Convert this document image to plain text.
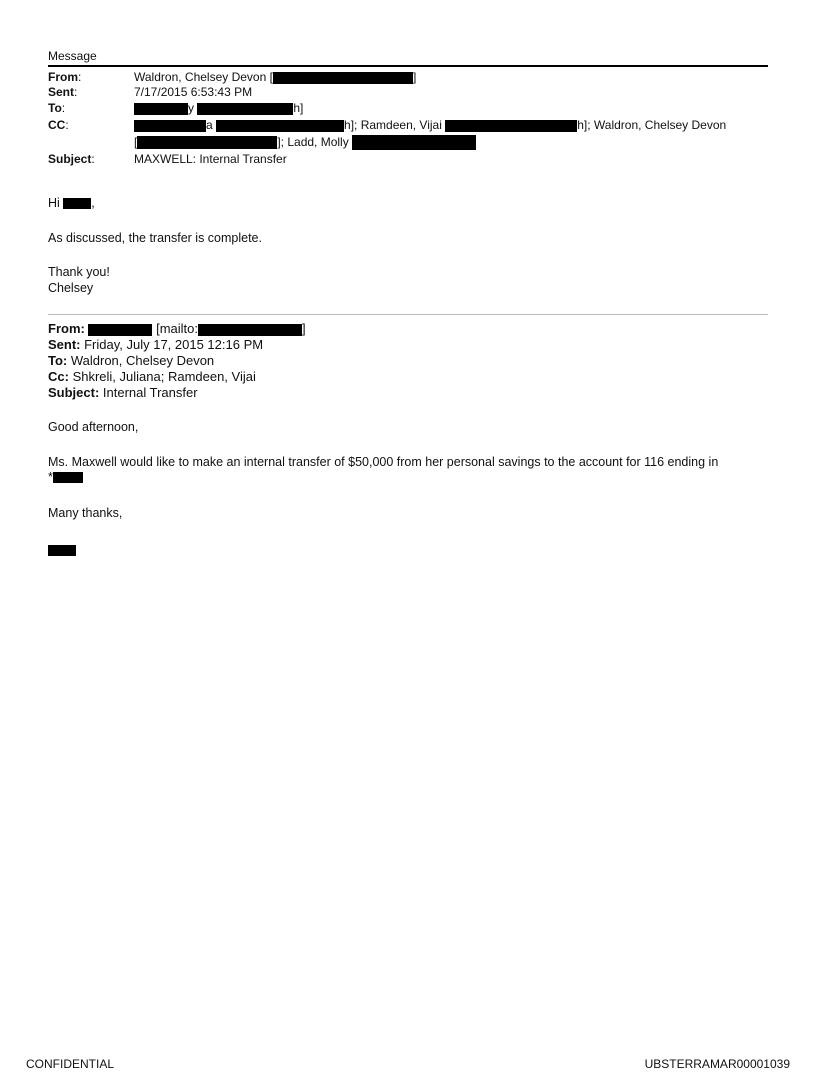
Message
From:	Waldron, Chelsey Devon [	]
Sent:	7/17/2015 6:53:43 PM
To:	y	h]
CC:	a	h]; Ramdeen, Vijai	h]; Waldron, Chelsey Devon
[	]; Ladd, Molly
Subject:	MAXWELL: Internal Transfer
Hi	,
As discussed, the transfer is complete.
Thank you!
Chelsey
From:	[mailto:	]
Sent: Friday, July 17, 2015 12:16 PM
To: Waldron, Chelsey Devon
Cc: Shkreli, Juliana; Ramdeen, Vijai
Subject: Internal Transfer
Good afternoon,
Ms. Maxwell would like to make an internal transfer of $50,000 from her personal savings to the account for 116 ending in
*
Many thanks,
CONFIDENTIAL	UBSTERRAMAR00001039
